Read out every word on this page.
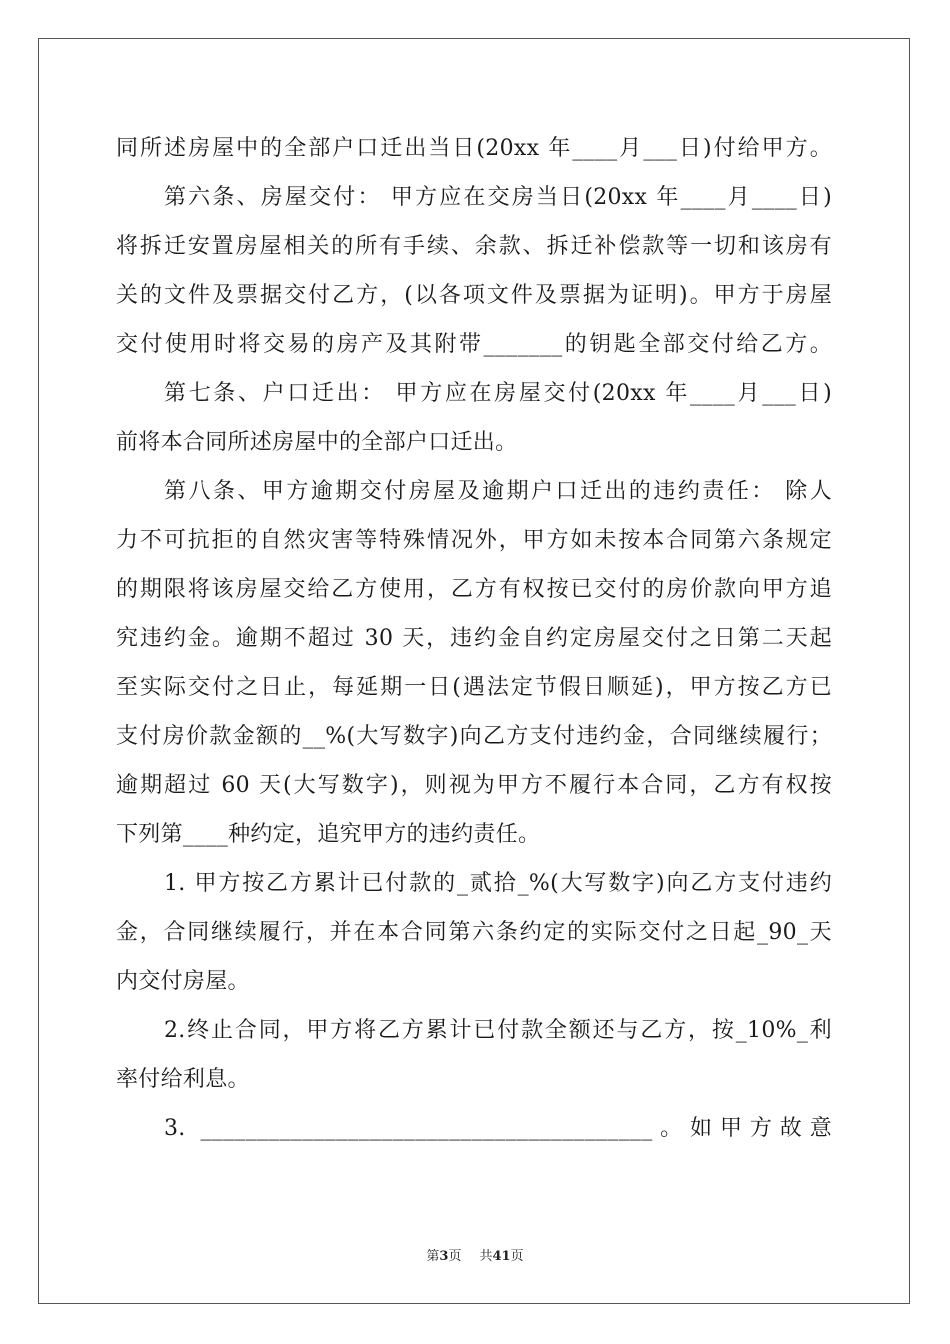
同所述房屋中的全部户口迁出当日(20xx 年____月___日)付给甲方。
第六条、房屋交付： 甲方应在交房当日(20xx 年____月____日)
将拆迁安置房屋相关的所有手续、余款、拆迁补偿款等一切和该房有
关的文件及票据交付乙方，(以各项文件及票据为证明)。甲方于房屋
交付使用时将交易的房产及其附带_______的钥匙全部交付给乙方。
第七条、户口迁出： 甲方应在房屋交付(20xx 年____月___日)
前将本合同所述房屋中的全部户口迁出。
第八条、甲方逾期交付房屋及逾期户口迁出的违约责任： 除人
力不可抗拒的自然灾害等特殊情况外，甲方如未按本合同第六条规定
的期限将该房屋交给乙方使用，乙方有权按已交付的房价款向甲方追
究违约金。逾期不超过 30 天，违约金自约定房屋交付之日第二天起
至实际交付之日止，每延期一日(遇法定节假日顺延)，甲方按乙方已
支付房价款金额的__%(大写数字)向乙方支付违约金，合同继续履行；
逾期超过 60 天(大写数字)，则视为甲方不履行本合同，乙方有权按
下列第____种约定，追究甲方的违约责任。
1. 甲方按乙方累计已付款的_贰拾_%(大写数字)向乙方支付违约
金，合同继续履行，并在本合同第六条约定的实际交付之日起_90_天
内交付房屋。
2.终止合同，甲方将乙方累计已付款全额还与乙方，按_10%_利
率付给利息。
3. ________________________________________。如甲方故意
第3页 共41页
